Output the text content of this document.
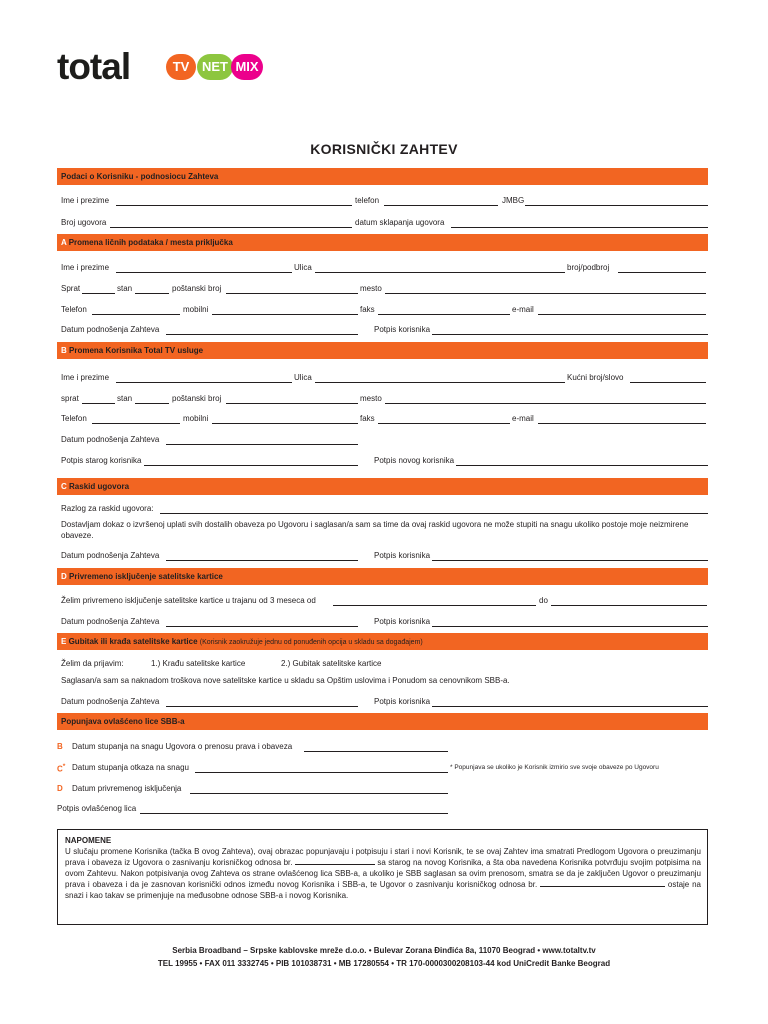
total	TV NET MIX
KORISNIČKI ZAHTEV
Podaci o Korisniku - podnosiocu Zahteva
Ime i prezime	telefon	JMBG
Broj ugovora	datum sklapanja ugovora
A Promena ličnih podataka / mesta priključka
Ime i prezime	Ulica	broj/podbroj
Sprat	stan	poštanski broj	mesto
Telefon	mobilni	faks	e-mail
Datum podnošenja Zahteva	Potpis korisnika
B Promena Korisnika Total TV usluge
Ime i prezime	Ulica	Kućni broj/slovo
sprat	stan	poštanski broj	mesto
Telefon	mobilni	faks	e-mail
Datum podnošenja Zahteva
Potpis starog korisnika	Potpis novog korisnika
C Raskid ugovora
Razlog za raskid ugovora:
Dostavljam dokaz o izvršenoj uplati svih dostalih obaveza po Ugovoru i saglasan/a sam sa time da ovaj raskid ugovora ne može stupiti na snagu ukoliko postoje moje neizmirene obaveze.
Datum podnošenja Zahteva	Potpis korisnika
D Privremeno isključenje satelitske kartice
Želim privremeno isključenje satelitske kartice u trajanu od 3 meseca od	do
Datum podnošenja Zahteva	Potpis korisnika
E Gubitak ili krađa satelitske kartice (Korisnik zaokružuje jednu od ponuđenih opcija u skladu sa događajem)
Želim da prijavim:	1.) Krađu satelitske kartice	2.) Gubitak satelitske kartice
Saglasan/a sam sa naknadom troškova nove satelitske kartice u skladu sa Opštim uslovima i Ponudom sa cenovnikom SBB-a.
Datum podnošenja Zahteva	Potpis korisnika
Popunjava ovlašćeno lice SBB-a
B Datum stupanja na snagu Ugovora o prenosu prava i obaveza
C* Datum stupanja otkaza na snagu	* Popunjava se ukoliko je Korisnik izmirio sve svoje obaveze po Ugovoru
D Datum privremenog isključenja
Potpis ovlašćenog lica
NAPOMENE
U slučaju promene Korisnika (tačka B ovog Zahteva), ovaj obrazac popunjavaju i potpisuju i stari i novi Korisnik, te se ovaj Zahtev ima smatrati Predlogom Ugovora o preuzimanju prava i obaveza iz Ugovora o zasnivanju korisničkog odnosa br.	sa starog na novog Korisnika, a šta oba navedena Korisnika potvrđuju svojim potpisima na ovom Zahtevu. Nakon potpisivanja ovog Zahteva os strane ovlašćenog lica SBB-a, a ukoliko je SBB saglasan sa ovim prenosom, smatra se da je zaključen Ugovor o preuzimanju prava i obaveza i da je zasnovan korisnički odnos između novog Korisnika i SBB-a, te Ugovor o zasnivanju korisničkog odnosa br.	ostaje na snazi i kao takav se primenjuje na međusobne odnose SBB-a i novog Korisnika.
Serbia Broadband – Srpske kablovske mreže d.o.o. • Bulevar Zorana Đinđića 8a, 11070 Beograd • www.totaltv.tv
TEL 19955 • FAX 011 3332745 • PIB 101038731 • MB 17280554 • TR 170-0000300208103-44 kod UniCredit Banke Beograd
